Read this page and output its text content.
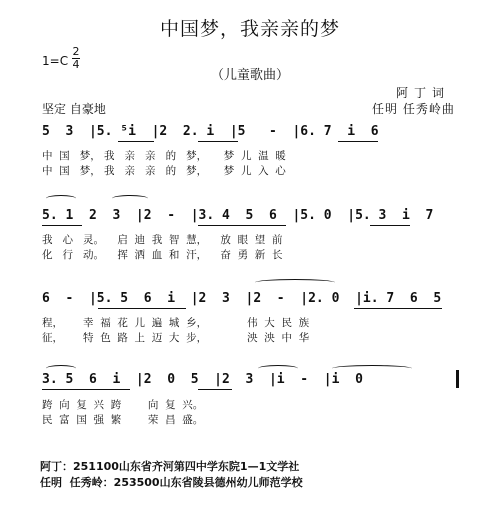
中国梦，我亲亲的梦
1=C
2
4
（儿童歌曲）
阿丁词
坚定 自豪地	任明 任秀岭曲
5  3  |5. ⁵i  |2  2. i  |5   -  |6. 7  i  6
中  国   梦， 我   亲   亲   的   梦，     梦  儿  温  暖
中  国   梦， 我   亲   亲   的   梦，     梦  儿  入  心
5. 1  2  3  |2  -  |3. 4  5  6  |5. 0  |5. 3  i  7
我   心   灵。    启  迪  我  智  慧，    放  眼  望  前
化   行   动。    挥  洒  血  和  汗，    奋  勇  新  长
6  -  |5. 5  6  i  |2  3  |2  -  |2. 0  |i. 7  6  5
程，      幸  福  花  儿  遍  城  乡，            伟  大  民  族
征，      特  色  路  上  迈  大  步，            泱  泱  中  华
3. 5  6  i  |2  0  5  |2  3  |i  -  |i  0
跨  向  复  兴  跨        向  复  兴。
民  富  国  强  繁        荣  昌  盛。
阿丁：251100山东省齐河第四中学东院1—1文学社
任明  任秀岭：253500山东省陵县德州幼儿师范学校
